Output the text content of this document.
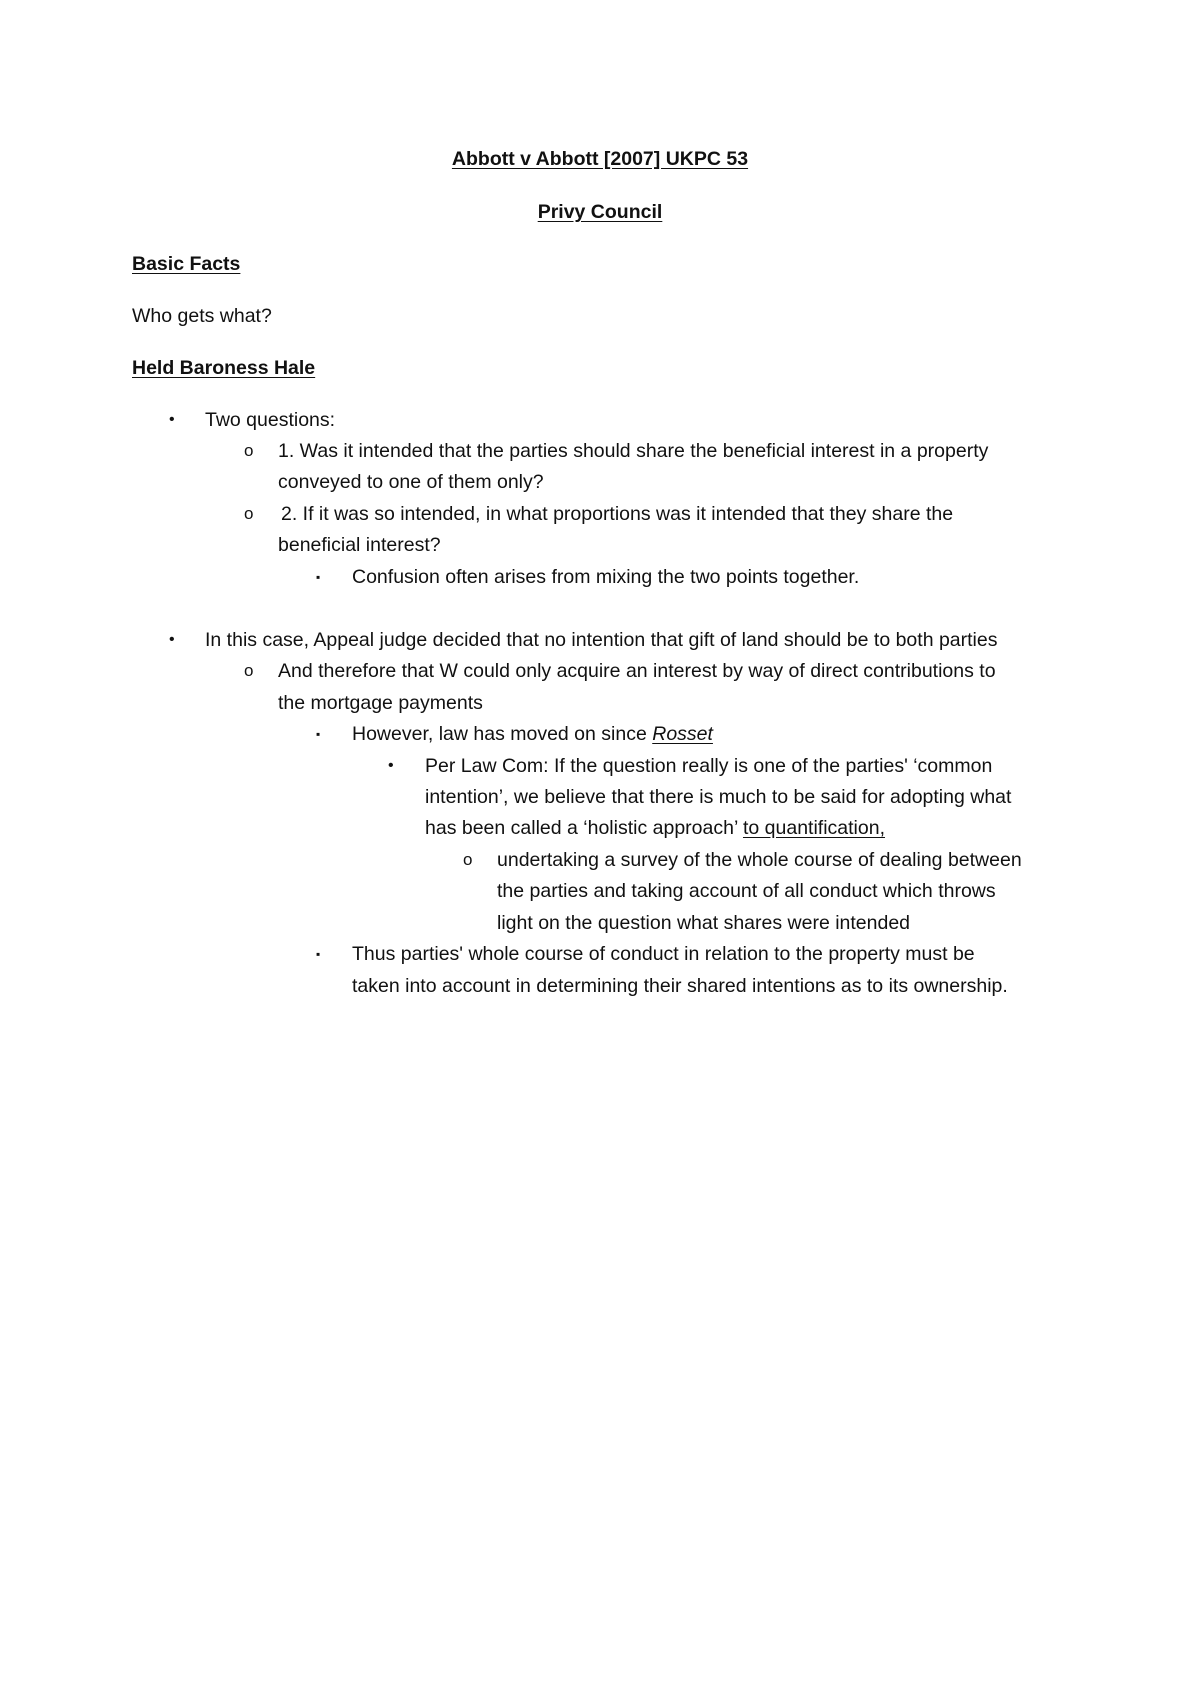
Abbott v Abbott [2007] UKPC 53
Privy Council
Basic Facts
Who gets what?
Held Baroness Hale
• Two questions:
o 1. Was it intended that the parties should share the beneficial interest in a property
conveyed to one of them only?
o 2. If it was so intended, in what proportions was it intended that they share the
beneficial interest?
▪ Confusion often arises from mixing the two points together.
• In this case, Appeal judge decided that no intention that gift of land should be to both parties
o And therefore that W could only acquire an interest by way of direct contributions to
the mortgage payments
▪ However, law has moved on since Rosset
• Per Law Com: If the question really is one of the parties' ‘common
intention’, we believe that there is much to be said for adopting what
has been called a ‘holistic approach’ to quantification,
o undertaking a survey of the whole course of dealing between
the parties and taking account of all conduct which throws
light on the question what shares were intended
▪ Thus parties' whole course of conduct in relation to the property must be
taken into account in determining their shared intentions as to its ownership.
